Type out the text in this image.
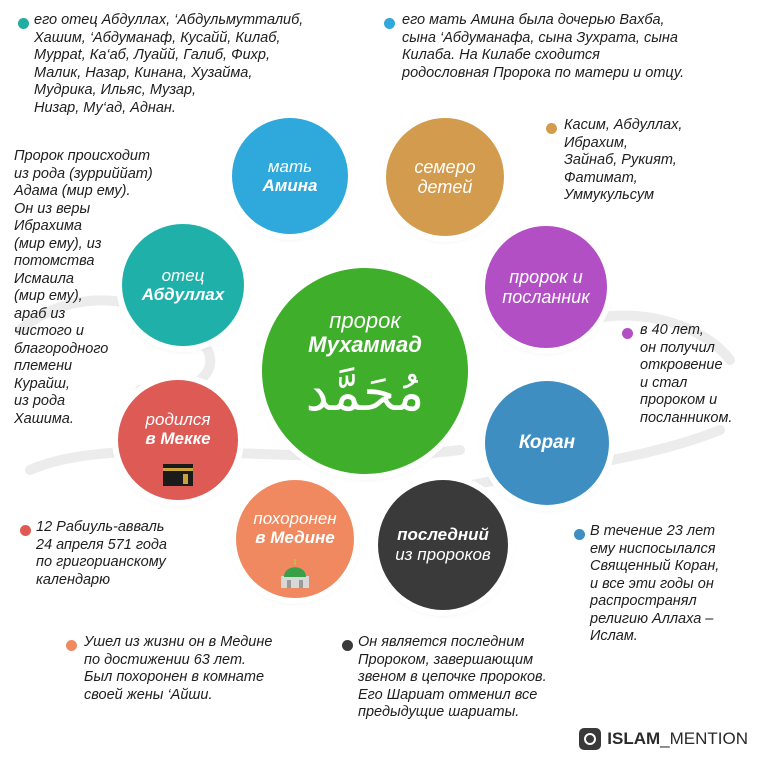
пророк
Мухаммад
مُحَمَّد
мать
Амина
семеро
детей
пророк и
посланник
Коран
последний
из пророков
похоронен
в Медине
родился
в Мекке
отец
Абдуллах
его отец Абдуллах, ‘Абдульмутталиб,
Хашим, ‘Абдуманаф, Кусайй, Килаб,
Мурраt, Ка‘аб, Луайй, Галиб, Фихр,
Малик, Назар, Кинана, Хузайма,
Мудрика, Ильяс, Музар,
Низар, Му‘ад, Аднан.
его мать Амина была дочерью Вахба,
сына ‘Абдуманафа, сына Зухрата, сына
Килаба. На Килабе сходится
родословная Пророка по матери и отцу.
Касим, Абдуллах,
Ибрахим,
Зайнаб, Рукият,
Фатимат,
Уммукульсум
Пророк происходит
из рода (зурриййат)
Адама (мир ему).
Он из веры
Ибрахима
(мир ему), из
потомства
Исмаила
(мир ему),
араб из
чистого и
благородного
племени
Курайш,
из рода
Хашима.
в 40 лет,
он получил
откровение
и стал
пророком и
посланником.
12 Рабиуль-авваль
24 апреля 571 года
по григорианскому
календарю
В течение 23 лет
ему ниспосылался
Священный Коран,
и все эти годы он
распространял
религию Аллаха –
Ислам.
Ушел из жизни он в Медине
по достижении 63 лет.
Был похоронен в комнате
своей жены ‘Айши.
Он является последним
Пророком, завершающим
звеном в цепочке пророков.
Его Шариат отменил все
предыдущие шариаты.
ISLAM_MENTION
